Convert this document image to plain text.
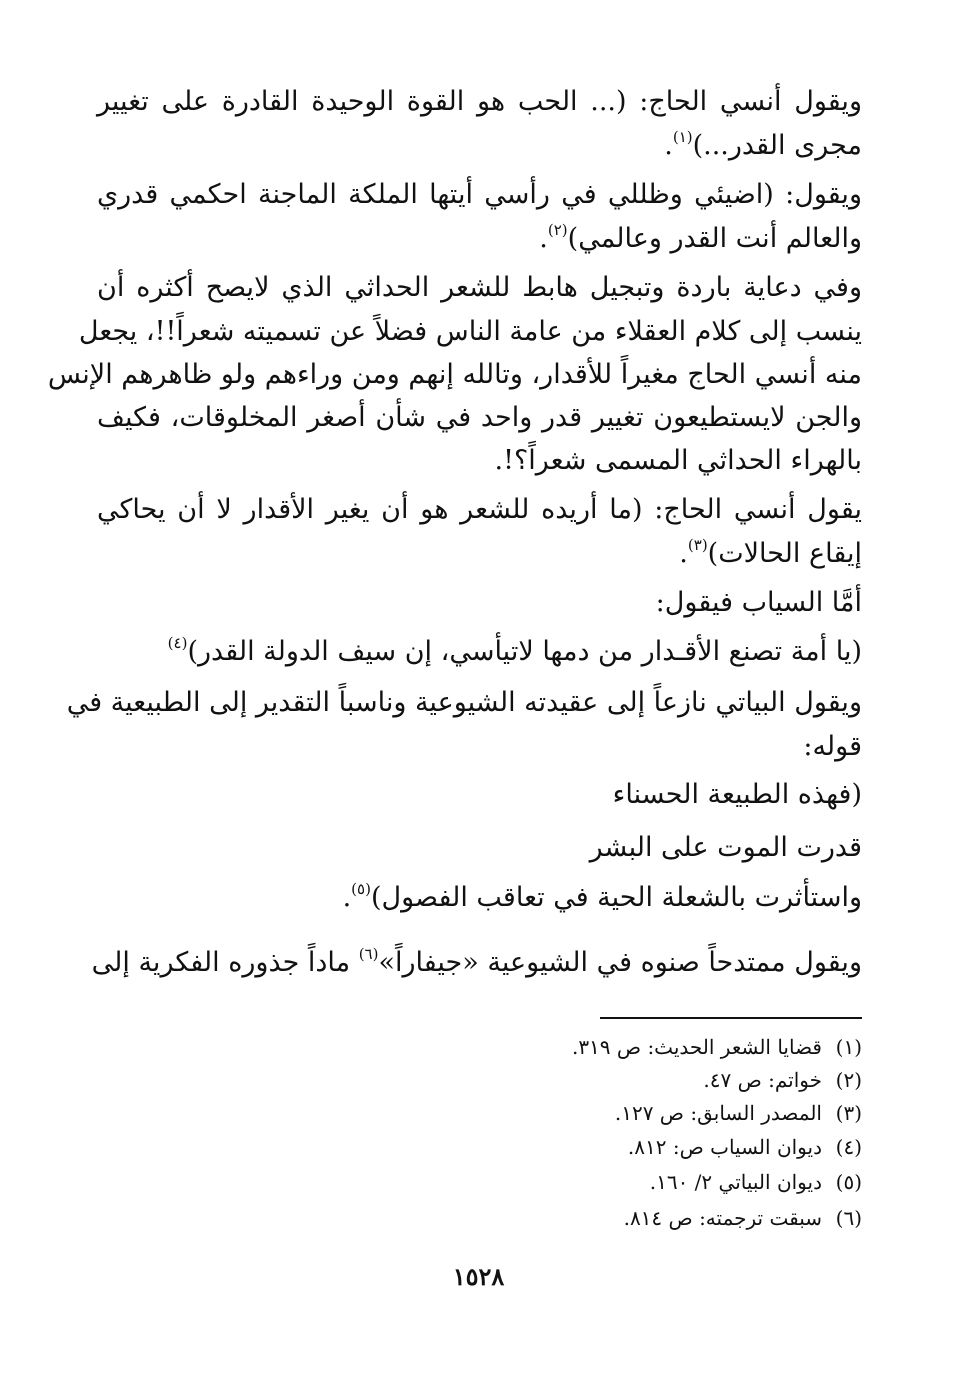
ويقول أنسي الحاج: (... الحب هو القوة الوحيدة القادرة على تغيير
مجرى القدر...)$^{(١)}$.
ويقول: (اضيئي وظللي في رأسي أيتها الملكة الماجنة احكمي قدري
والعالم أنت القدر وعالمي)$^{(٢)}$.
وفي دعاية باردة وتبجيل هابط للشعر الحداثي الذي لايصح أكثره أن
ينسب إلى كلام العقلاء من عامة الناس فضلاً عن تسميته شعراً!!، يجعل
منه أنسي الحاج مغيراً للأقدار، وتالله إنهم ومن وراءهم ولو ظاهرهم الإنس
والجن لايستطيعون تغيير قدر واحد في شأن أصغر المخلوقات، فكيف
بالهراء الحداثي المسمى شعراً؟!.
يقول أنسي الحاج: (ما أريده للشعر هو أن يغير الأقدار لا أن يحاكي
إيقاع الحالات)$^{(٣)}$.
أمَّا السياب فيقول:
(يا أمة تصنع الأقـدار من دمها لاتيأسي، إن سيف الدولة القدر)$^{(٤)}$
ويقول البياتي نازعاً إلى عقيدته الشيوعية وناسباً التقدير إلى الطبيعية في
قوله:
(فهذه الطبيعة الحسناء
قدرت الموت على البشر
واستأثرت بالشعلة الحية في تعاقب الفصول)$^{(٥)}$.
ويقول ممتدحاً صنوه في الشيوعية «جيفاراً»$^{(٦)}$ ماداً جذوره الفكرية إلى
(١)قضايا الشعر الحديث: ص ٣١٩.
(٢)خواتم: ص ٤٧.
(٣)المصدر السابق: ص ١٢٧.
(٤)ديوان السياب ص: ٨١٢.
(٥)ديوان البياتي ٢/ ١٦٠.
(٦)سبقت ترجمته: ص ٨١٤.
١٥٢٨
